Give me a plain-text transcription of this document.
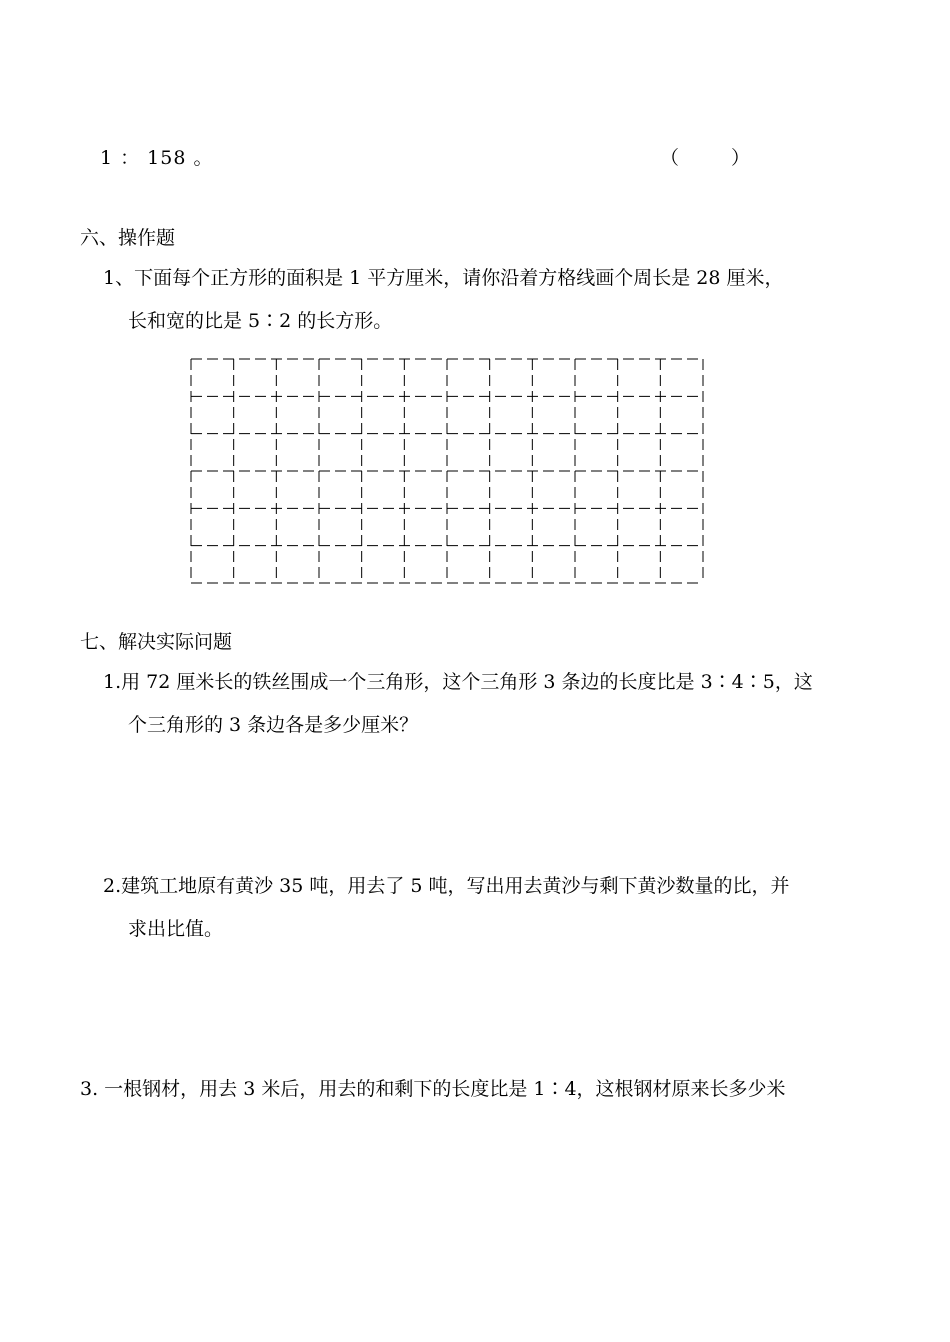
1 ： 158 。	（	）
六、操作题
1、下面每个正方形的面积是 1 平方厘米，请你沿着方格线画个周长是 28 厘米，
长和宽的比是 5∶2 的长方形。
七、解决实际问题
1.用 72 厘米长的铁丝围成一个三角形，这个三角形 3 条边的长度比是 3∶4∶5，这
个三角形的 3 条边各是多少厘米？
2.建筑工地原有黄沙 35 吨，用去了 5 吨，写出用去黄沙与剩下黄沙数量的比，并
求出比值。
3. 一根钢材，用去 3 米后，用去的和剩下的长度比是 1∶4，这根钢材原来长多少米
